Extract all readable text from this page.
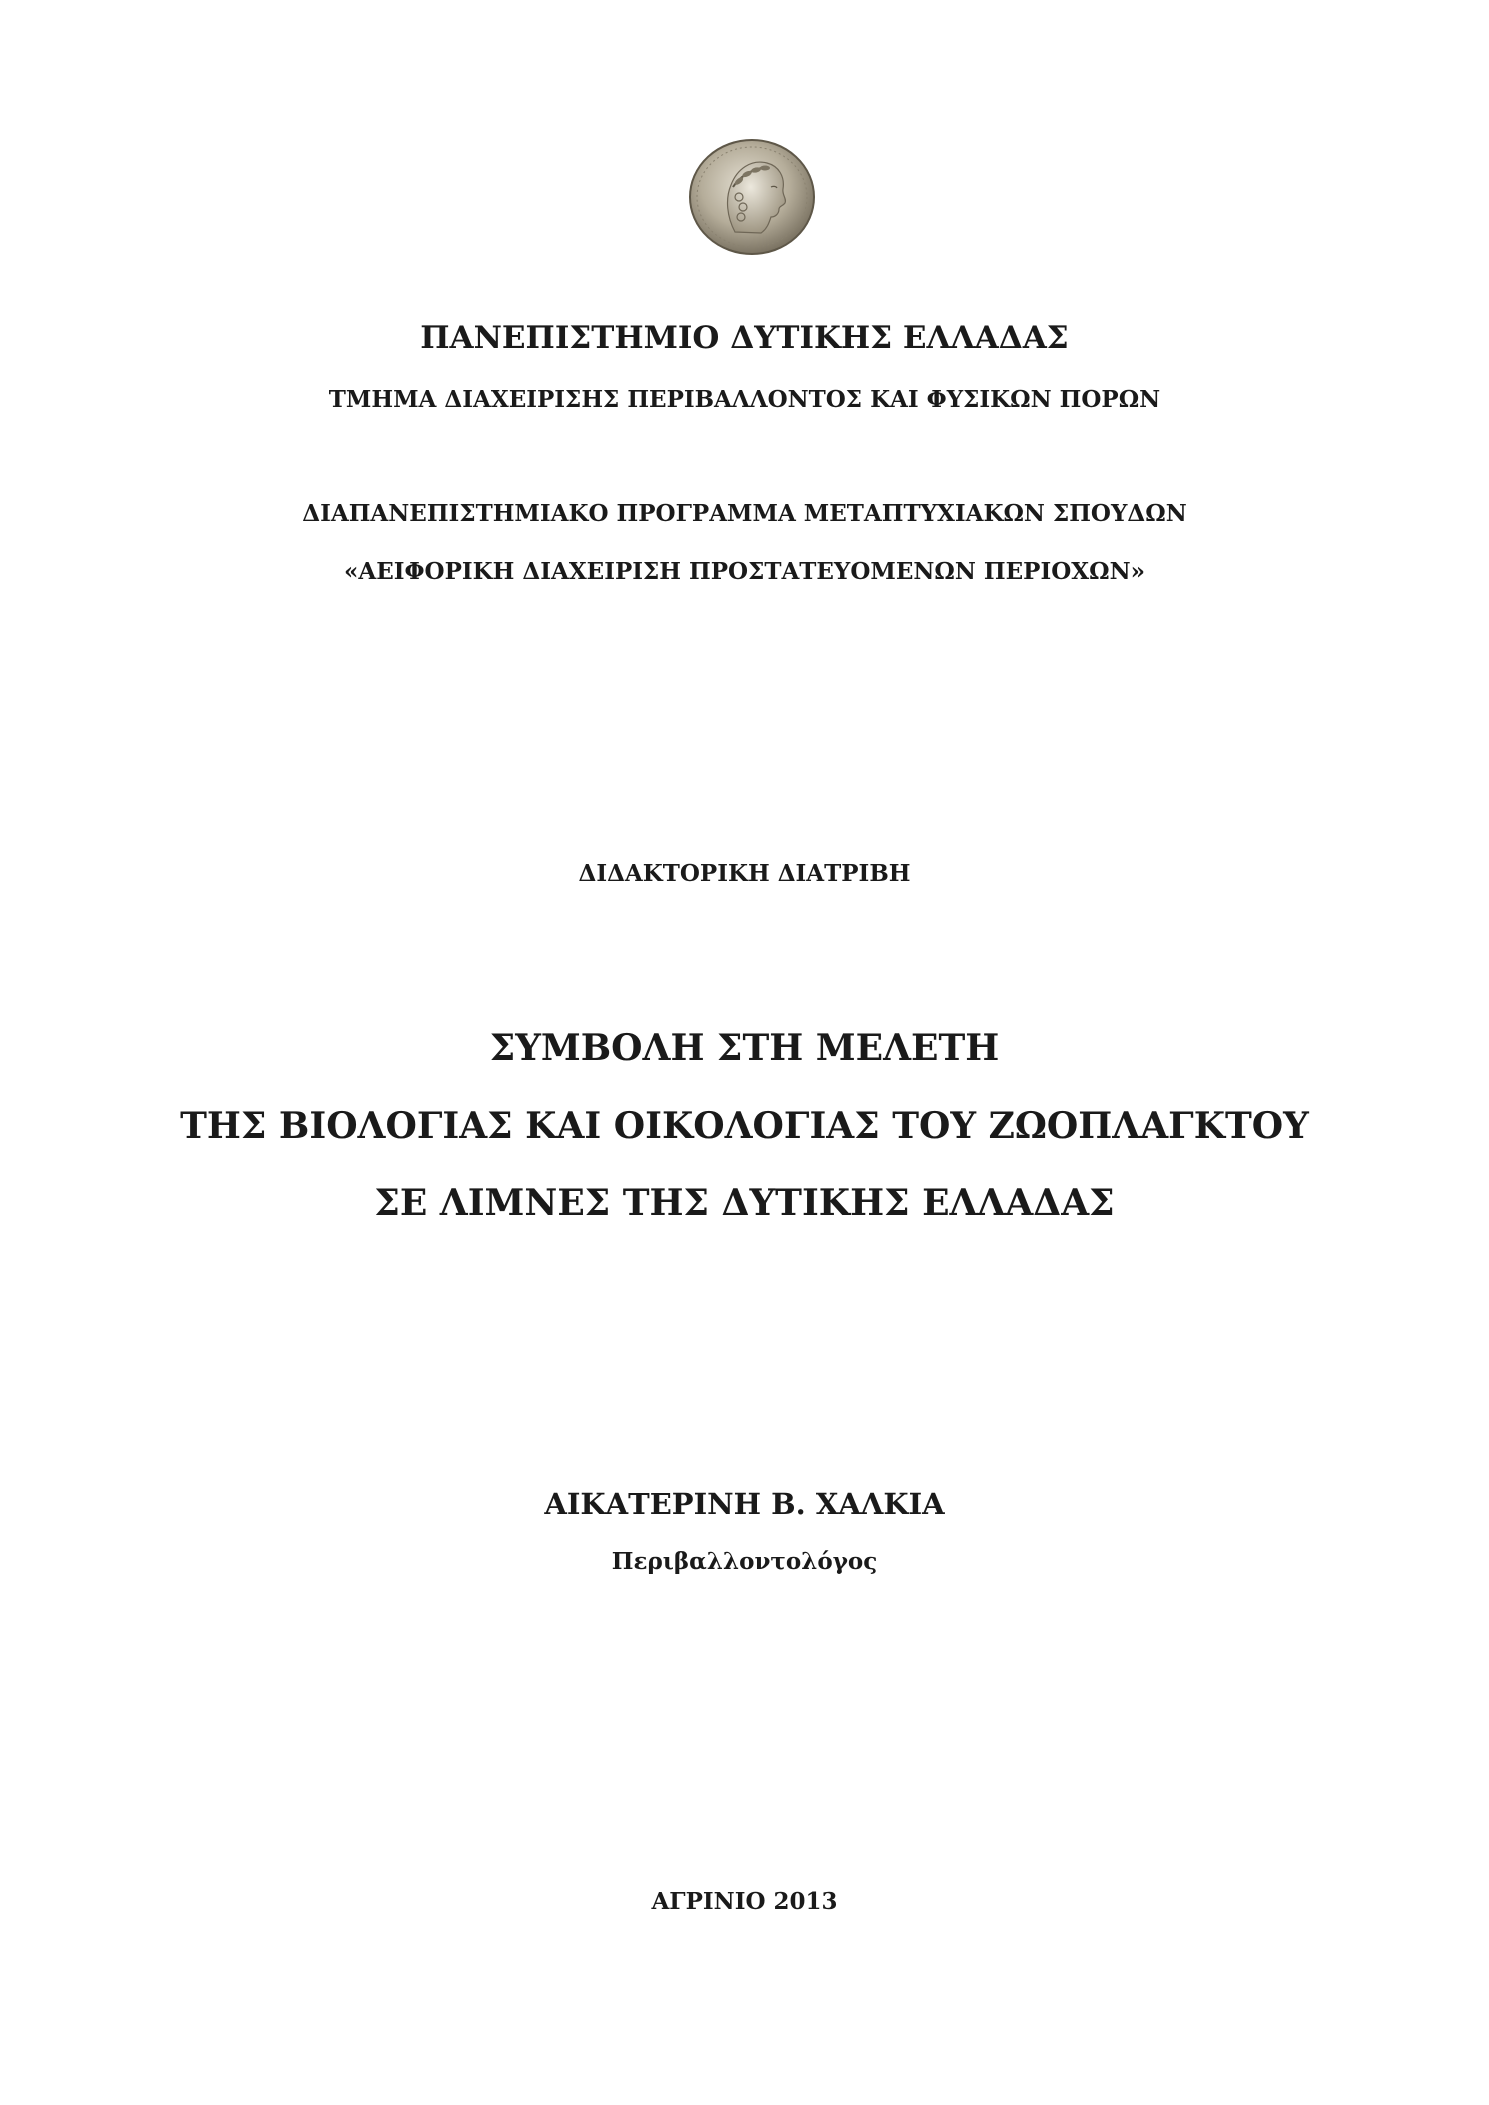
ΠΑΝΕΠΙΣΤΗΜΙΟ ΔΥΤΙΚΗΣ ΕΛΛΑΔΑΣ
ΤΜΗΜΑ ΔΙΑΧΕΙΡΙΣΗΣ ΠΕΡΙΒΑΛΛΟΝΤΟΣ ΚΑΙ ΦΥΣΙΚΩΝ ΠΟΡΩΝ
ΔΙΑΠΑΝΕΠΙΣΤΗΜΙΑΚΟ ΠΡΟΓΡΑΜΜΑ ΜΕΤΑΠΤΥΧΙΑΚΩΝ ΣΠΟΥΔΩΝ
«ΑΕΙΦΟΡΙΚΗ ΔΙΑΧΕΙΡΙΣΗ ΠΡΟΣΤΑΤΕΥΟΜΕΝΩΝ ΠΕΡΙΟΧΩΝ»
ΔΙΔΑΚΤΟΡΙΚΗ ΔΙΑΤΡΙΒΗ
ΣΥΜΒΟΛΗ ΣΤΗ ΜΕΛΕΤΗ
ΤΗΣ ΒΙΟΛΟΓΙΑΣ ΚΑΙ ΟΙΚΟΛΟΓΙΑΣ ΤΟΥ ΖΩΟΠΛΑΓΚΤΟΥ
ΣΕ ΛΙΜΝΕΣ ΤΗΣ ΔΥΤΙΚΗΣ ΕΛΛΑΔΑΣ
ΑΙΚΑΤΕΡΙΝΗ Β. ΧΑΛΚΙΑ
Περιβαλλοντολόγος
ΑΓΡΙΝΙΟ 2013
